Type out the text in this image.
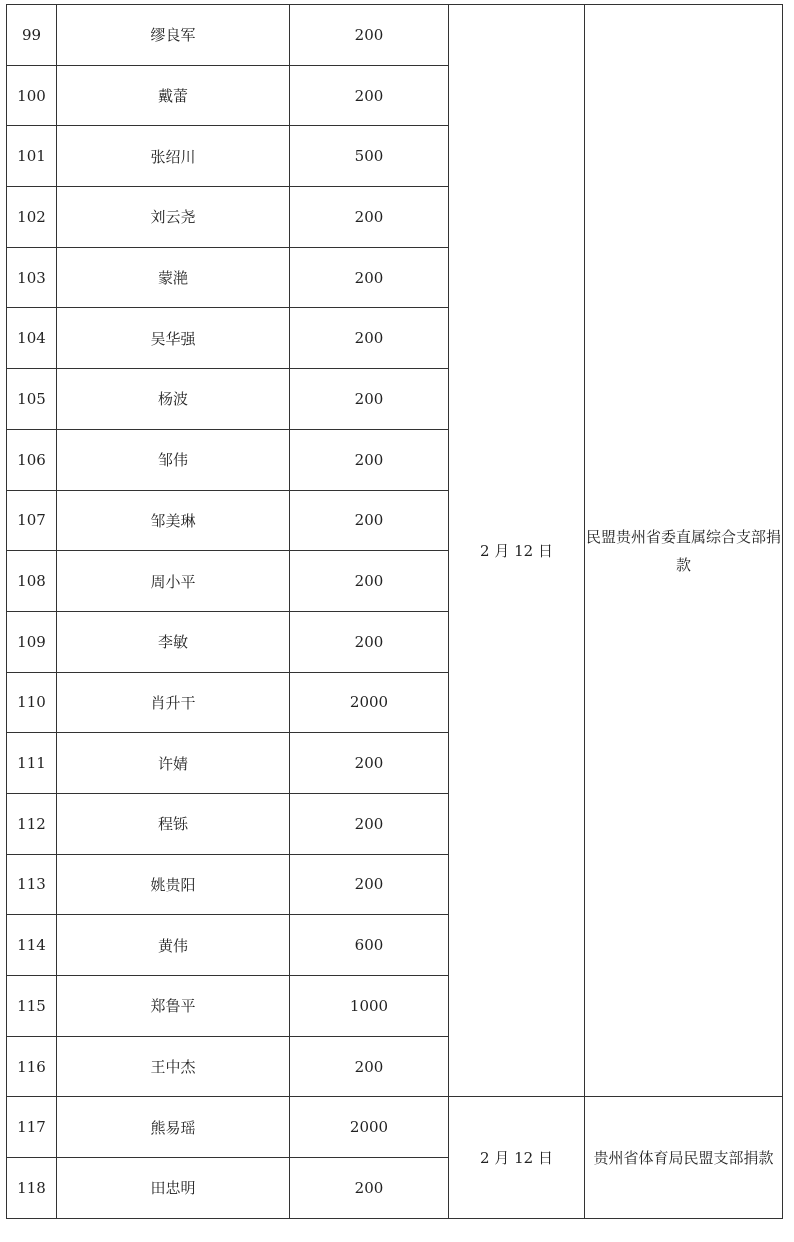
99	缪良军	200	2 月 12 日	民盟贵州省委直属综合支部捐款
100	戴蕾	200		
101	张绍川	500		
102	刘云尧	200		
103	蒙滟	200		
104	吴华强	200		
105	杨波	200		
106	邹伟	200		
107	邹美琳	200		
108	周小平	200		
109	李敏	200		
110	肖升干	2000		
111	许婧	200		
112	程铄	200		
113	姚贵阳	200		
114	黄伟	600		
115	郑鲁平	1000		
116	王中杰	200		
117	熊易瑶	2000	2 月 12 日	贵州省体育局民盟支部捐款
118	田忠明	200		
